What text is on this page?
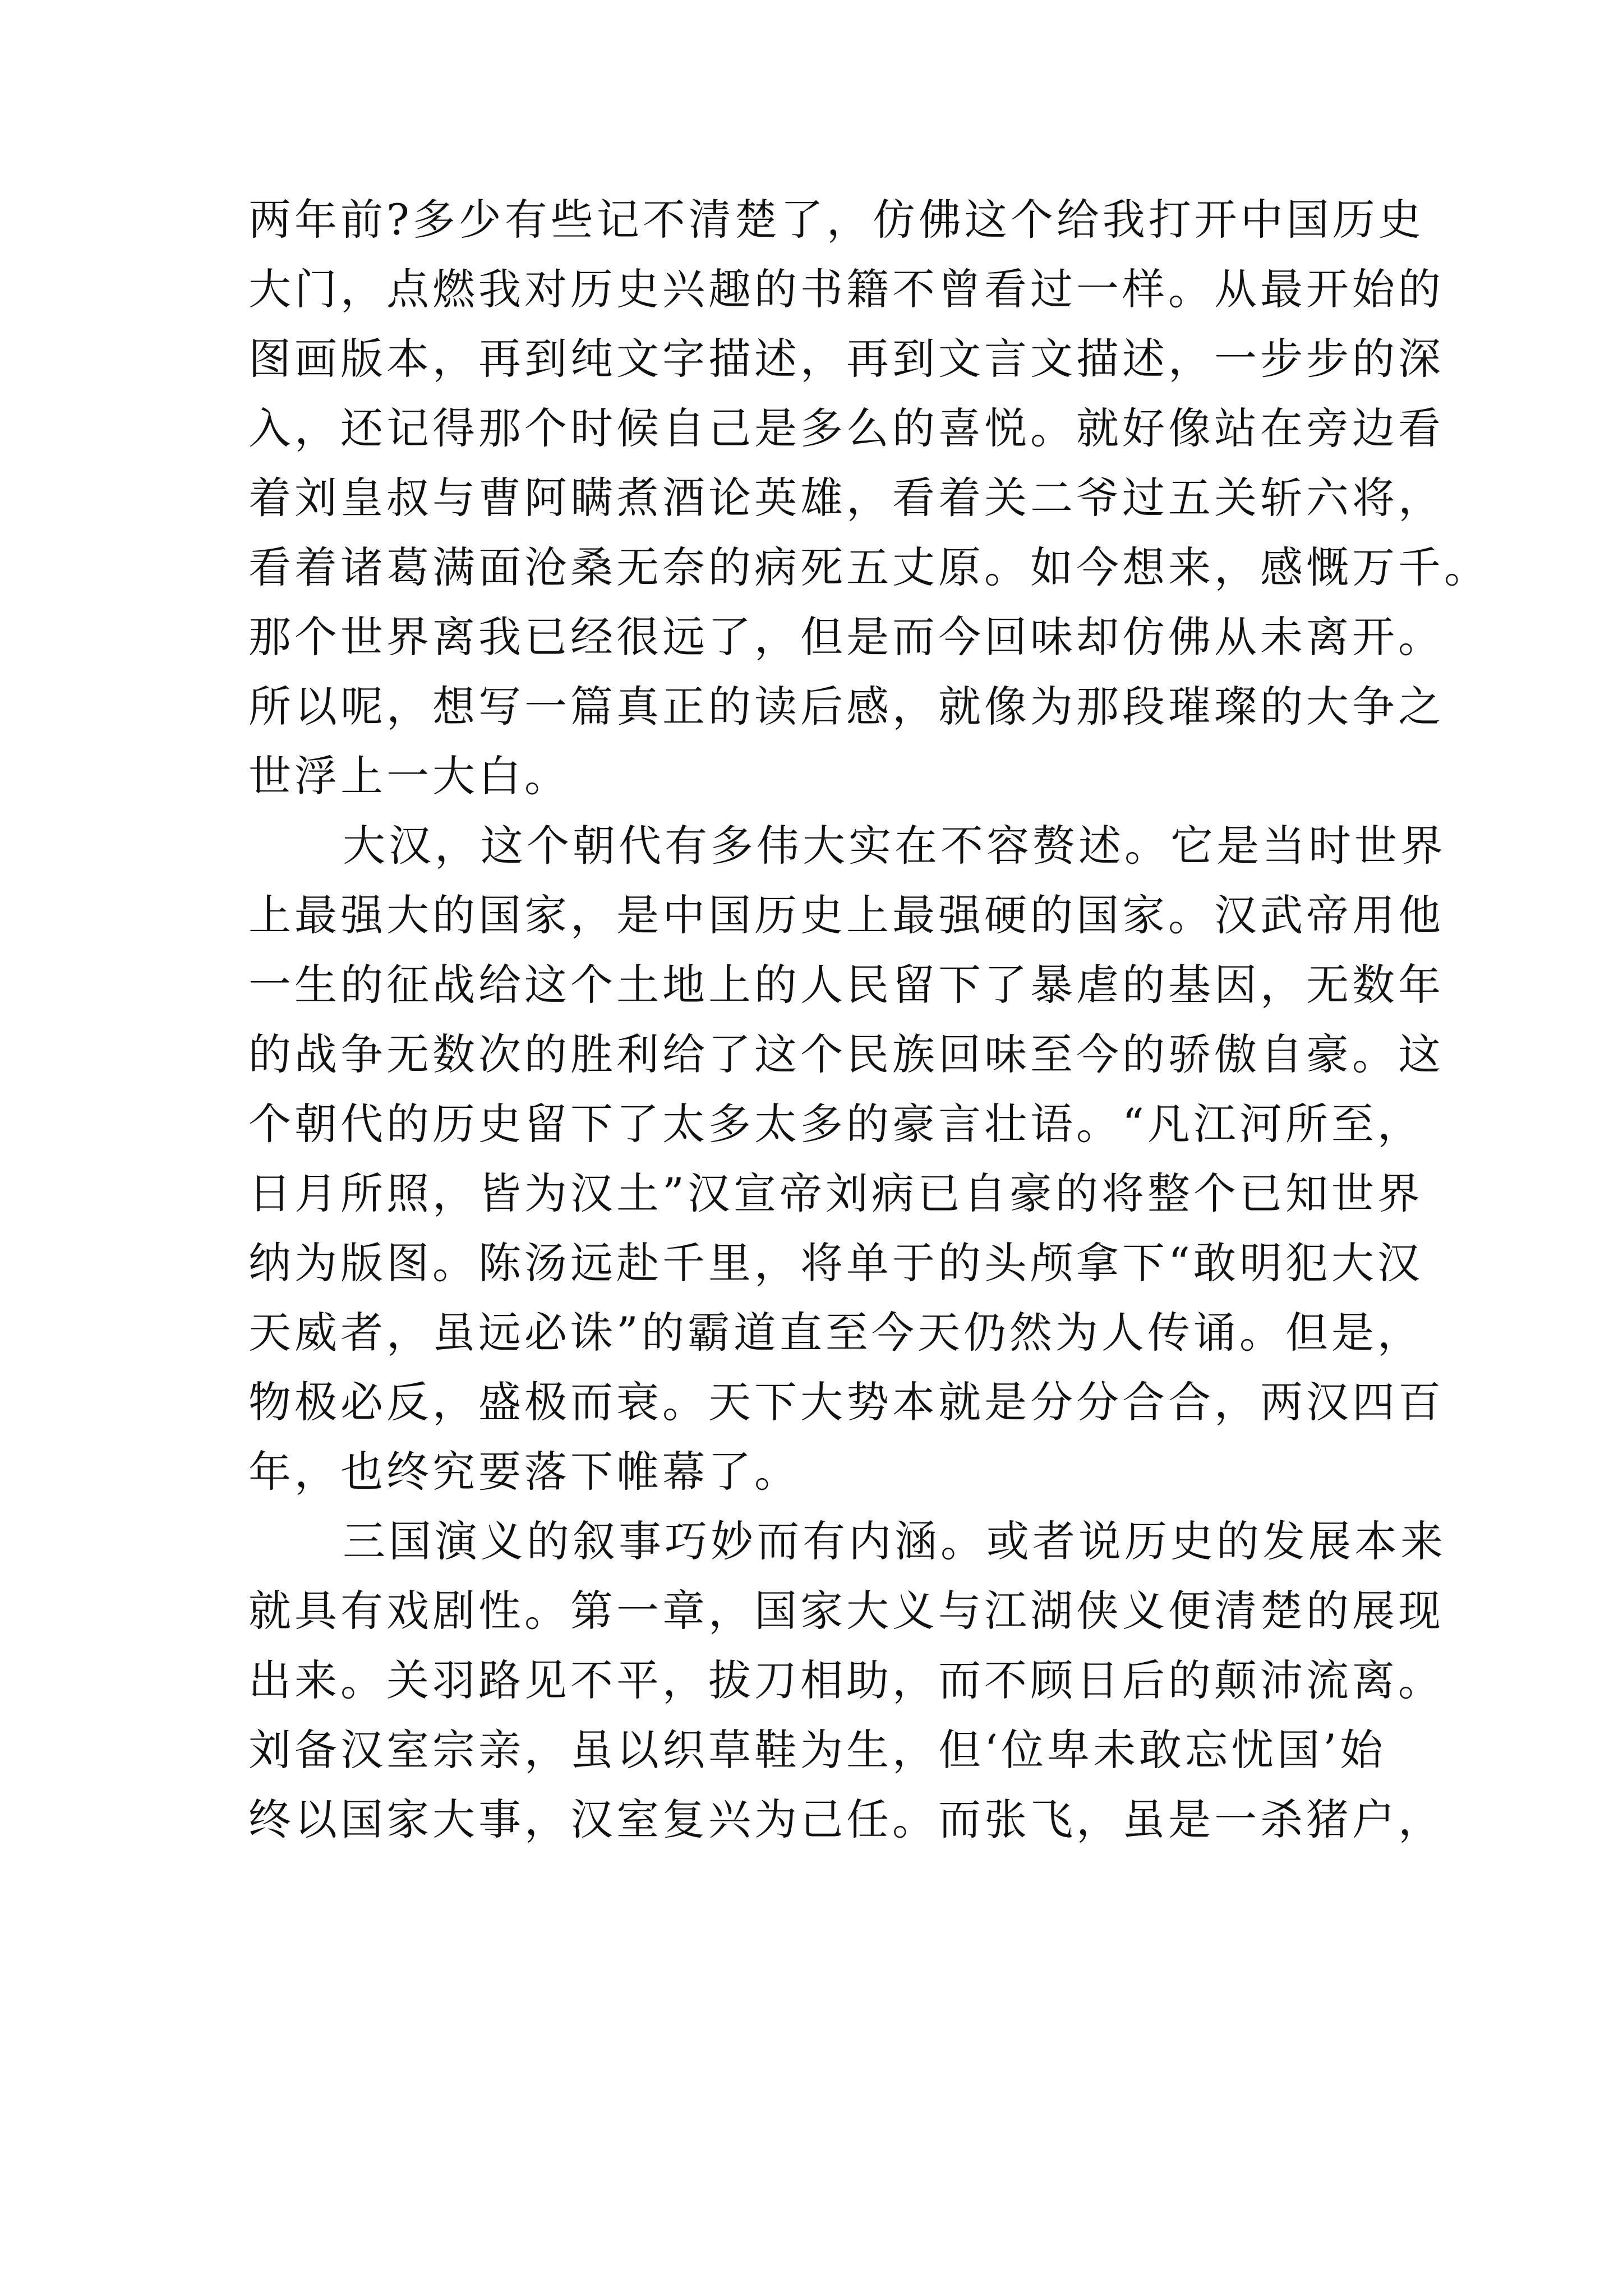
两年前?多少有些记不清楚了，仿佛这个给我打开中国历史
大门，点燃我对历史兴趣的书籍不曾看过一样。从最开始的
图画版本，再到纯文字描述，再到文言文描述，一步步的深
入，还记得那个时候自己是多么的喜悦。就好像站在旁边看
着刘皇叔与曹阿瞒煮酒论英雄，看着关二爷过五关斩六将，
看着诸葛满面沧桑无奈的病死五丈原。如今想来，感慨万千。
那个世界离我已经很远了，但是而今回味却仿佛从未离开。
所以呢，想写一篇真正的读后感，就像为那段璀璨的大争之
世浮上一大白。
大汉，这个朝代有多伟大实在不容赘述。它是当时世界
上最强大的国家，是中国历史上最强硬的国家。汉武帝用他
一生的征战给这个土地上的人民留下了暴虐的基因，无数年
的战争无数次的胜利给了这个民族回味至今的骄傲自豪。这
个朝代的历史留下了太多太多的豪言壮语。“凡江河所至，
日月所照，皆为汉土”汉宣帝刘病已自豪的将整个已知世界
纳为版图。陈汤远赴千里，将单于的头颅拿下“敢明犯大汉
天威者，虽远必诛”的霸道直至今天仍然为人传诵。但是，
物极必反，盛极而衰。天下大势本就是分分合合，两汉四百
年，也终究要落下帷幕了。
三国演义的叙事巧妙而有内涵。或者说历史的发展本来
就具有戏剧性。第一章，国家大义与江湖侠义便清楚的展现
出来。关羽路见不平，拔刀相助，而不顾日后的颠沛流离。
刘备汉室宗亲，虽以织草鞋为生，但‘位卑未敢忘忧国’始
终以国家大事，汉室复兴为己任。而张飞，虽是一杀猪户，
